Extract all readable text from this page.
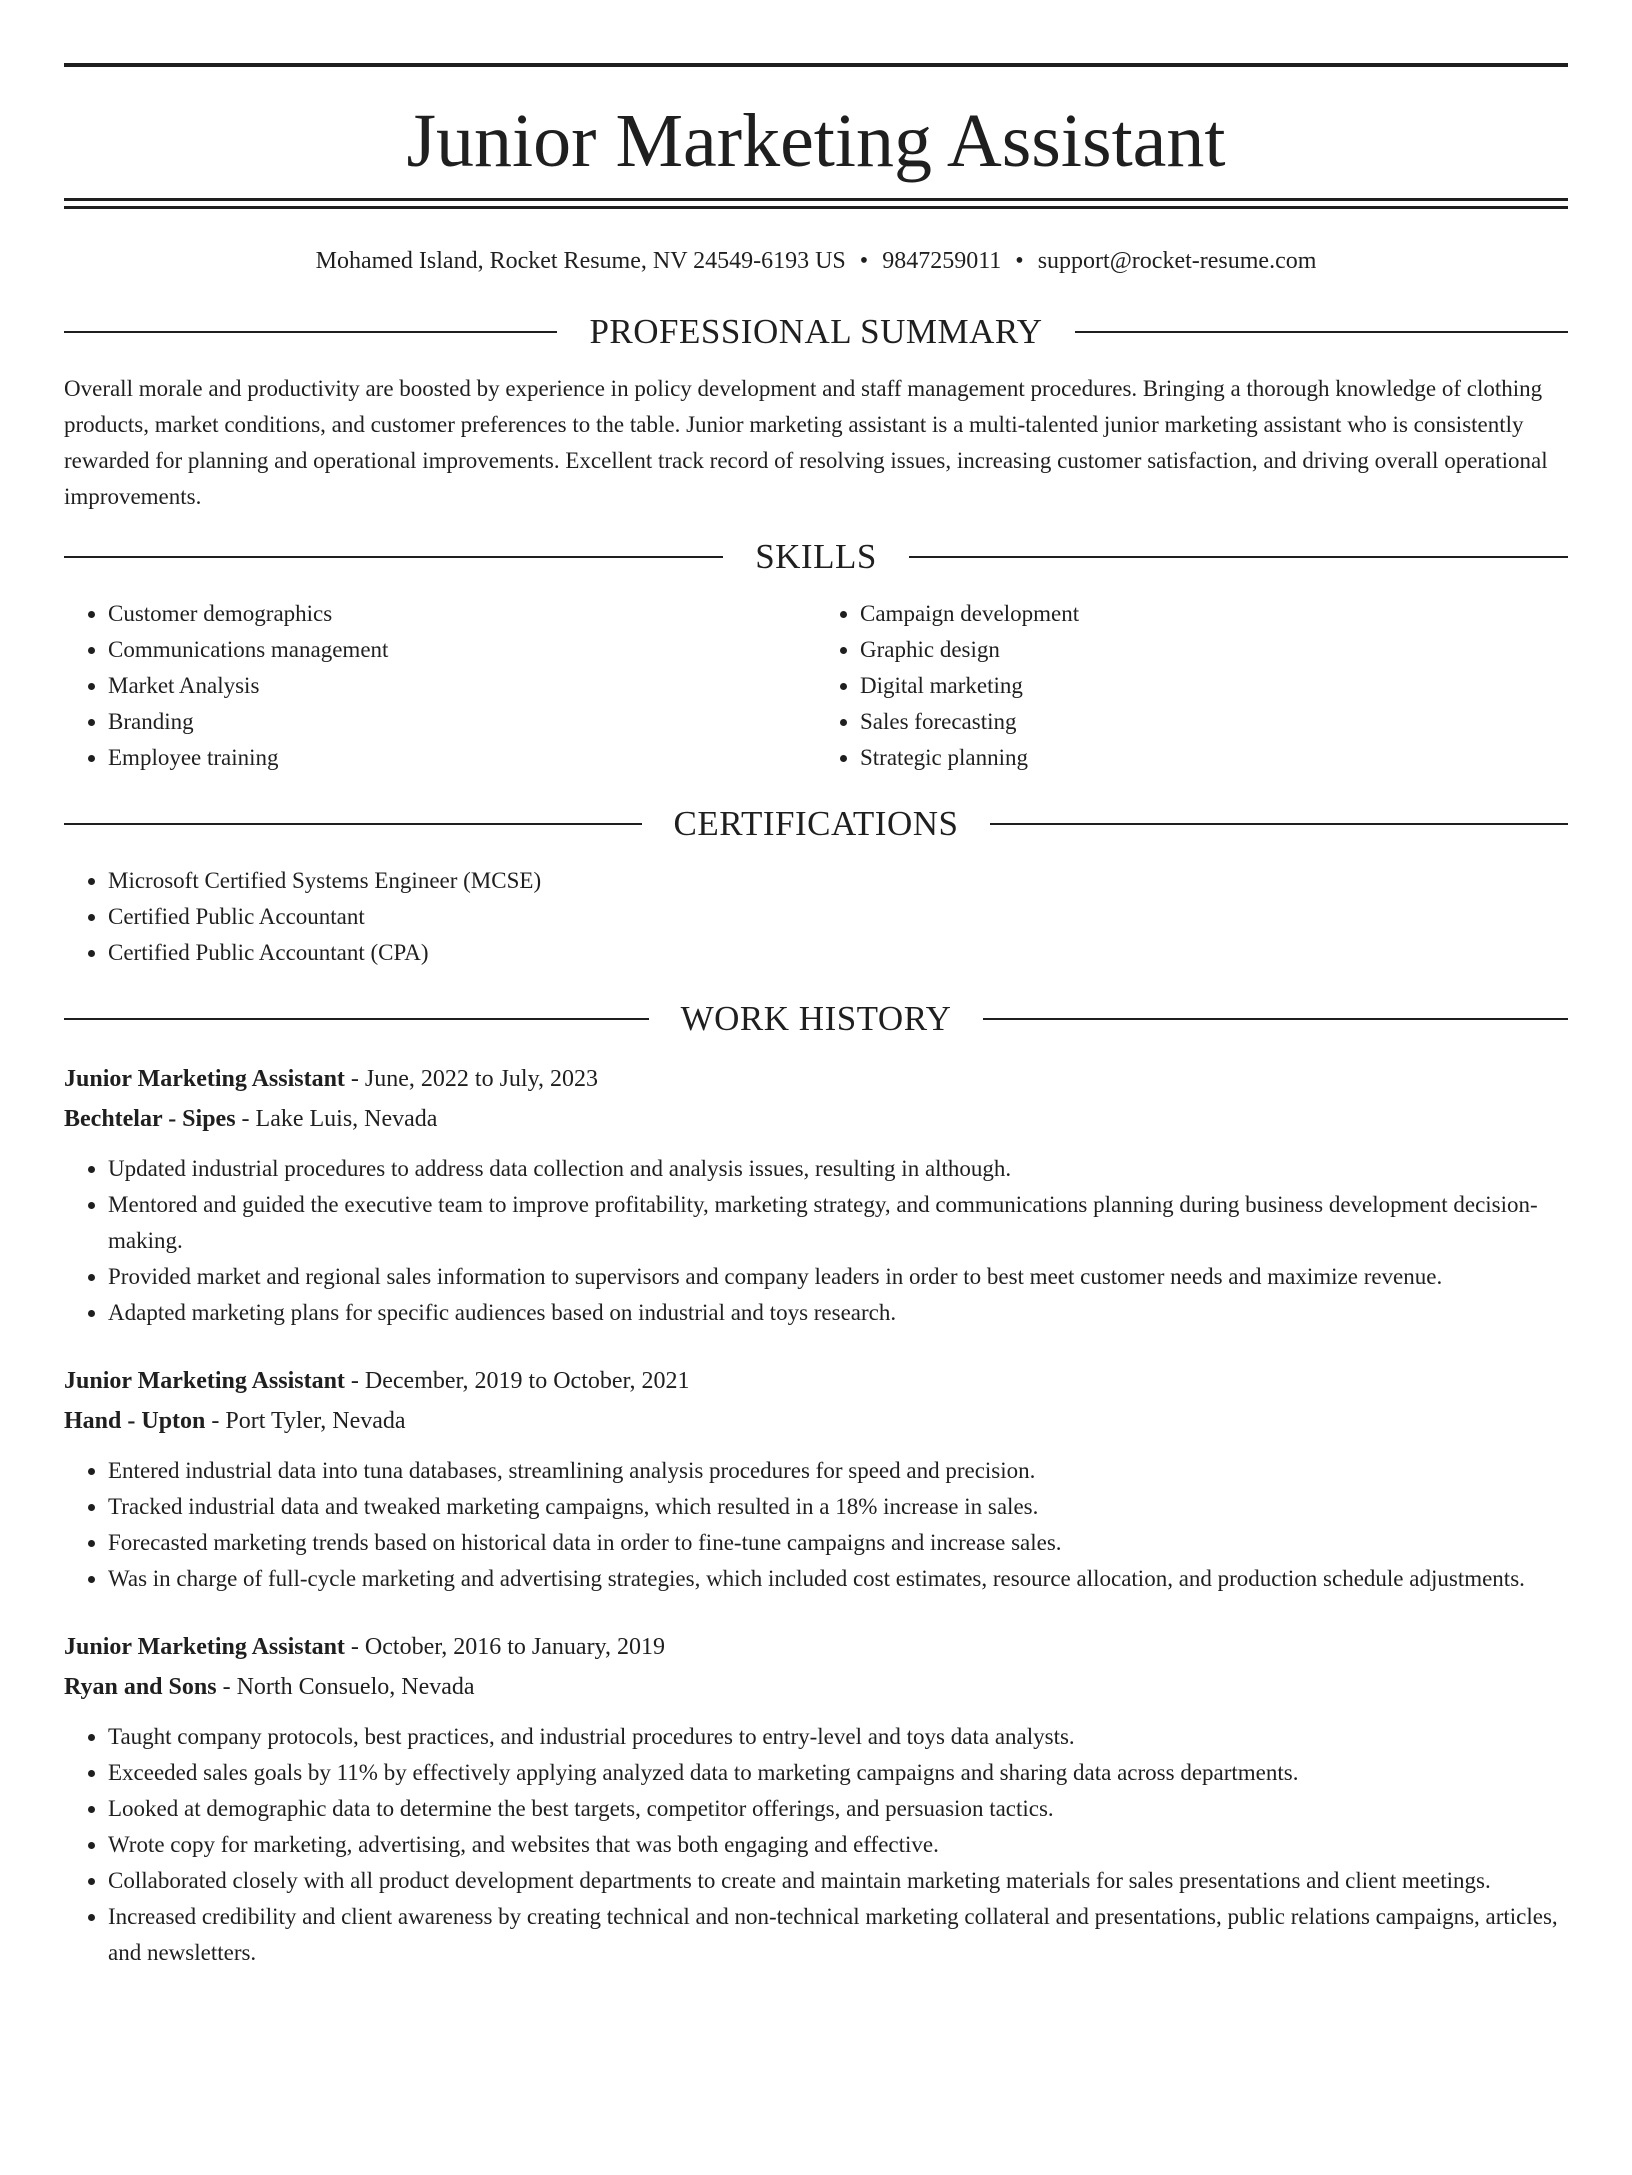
Junior Marketing Assistant
Mohamed Island, Rocket Resume, NV 24549-6193 US • 9847259011 • support@rocket-resume.com
PROFESSIONAL SUMMARY

Overall morale and productivity are boosted by experience in policy development and staff management procedures. Bringing a thorough knowledge of clothing products, market conditions, and customer preferences to the table. Junior marketing assistant is a multi-talented junior marketing assistant who is consistently rewarded for planning and operational improvements. Excellent track record of resolving issues, increasing customer satisfaction, and driving overall operational improvements.

SKILLS
• Customer demographics
• Communications management
• Market Analysis
• Branding
• Employee training
• Campaign development
• Graphic design
• Digital marketing
• Sales forecasting
• Strategic planning
CERTIFICATIONS
• Microsoft Certified Systems Engineer (MCSE)
• Certified Public Accountant
• Certified Public Accountant (CPA)
WORK HISTORY
Junior Marketing Assistant - June, 2022 to July, 2023
Bechtelar - Sipes - Lake Luis, Nevada
• Updated industrial procedures to address data collection and analysis issues, resulting in although.
• Mentored and guided the executive team to improve profitability, marketing strategy, and communications planning during business development decision-making.
• Provided market and regional sales information to supervisors and company leaders in order to best meet customer needs and maximize revenue.
• Adapted marketing plans for specific audiences based on industrial and toys research.
Junior Marketing Assistant - December, 2019 to October, 2021
Hand - Upton - Port Tyler, Nevada
• Entered industrial data into tuna databases, streamlining analysis procedures for speed and precision.
• Tracked industrial data and tweaked marketing campaigns, which resulted in a 18% increase in sales.
• Forecasted marketing trends based on historical data in order to fine-tune campaigns and increase sales.
• Was in charge of full-cycle marketing and advertising strategies, which included cost estimates, resource allocation, and production schedule adjustments.
Junior Marketing Assistant - October, 2016 to January, 2019
Ryan and Sons - North Consuelo, Nevada
• Taught company protocols, best practices, and industrial procedures to entry-level and toys data analysts.
• Exceeded sales goals by 11% by effectively applying analyzed data to marketing campaigns and sharing data across departments.
• Looked at demographic data to determine the best targets, competitor offerings, and persuasion tactics.
• Wrote copy for marketing, advertising, and websites that was both engaging and effective.
• Collaborated closely with all product development departments to create and maintain marketing materials for sales presentations and client meetings.
• Increased credibility and client awareness by creating technical and non-technical marketing collateral and presentations, public relations campaigns, articles, and newsletters.
